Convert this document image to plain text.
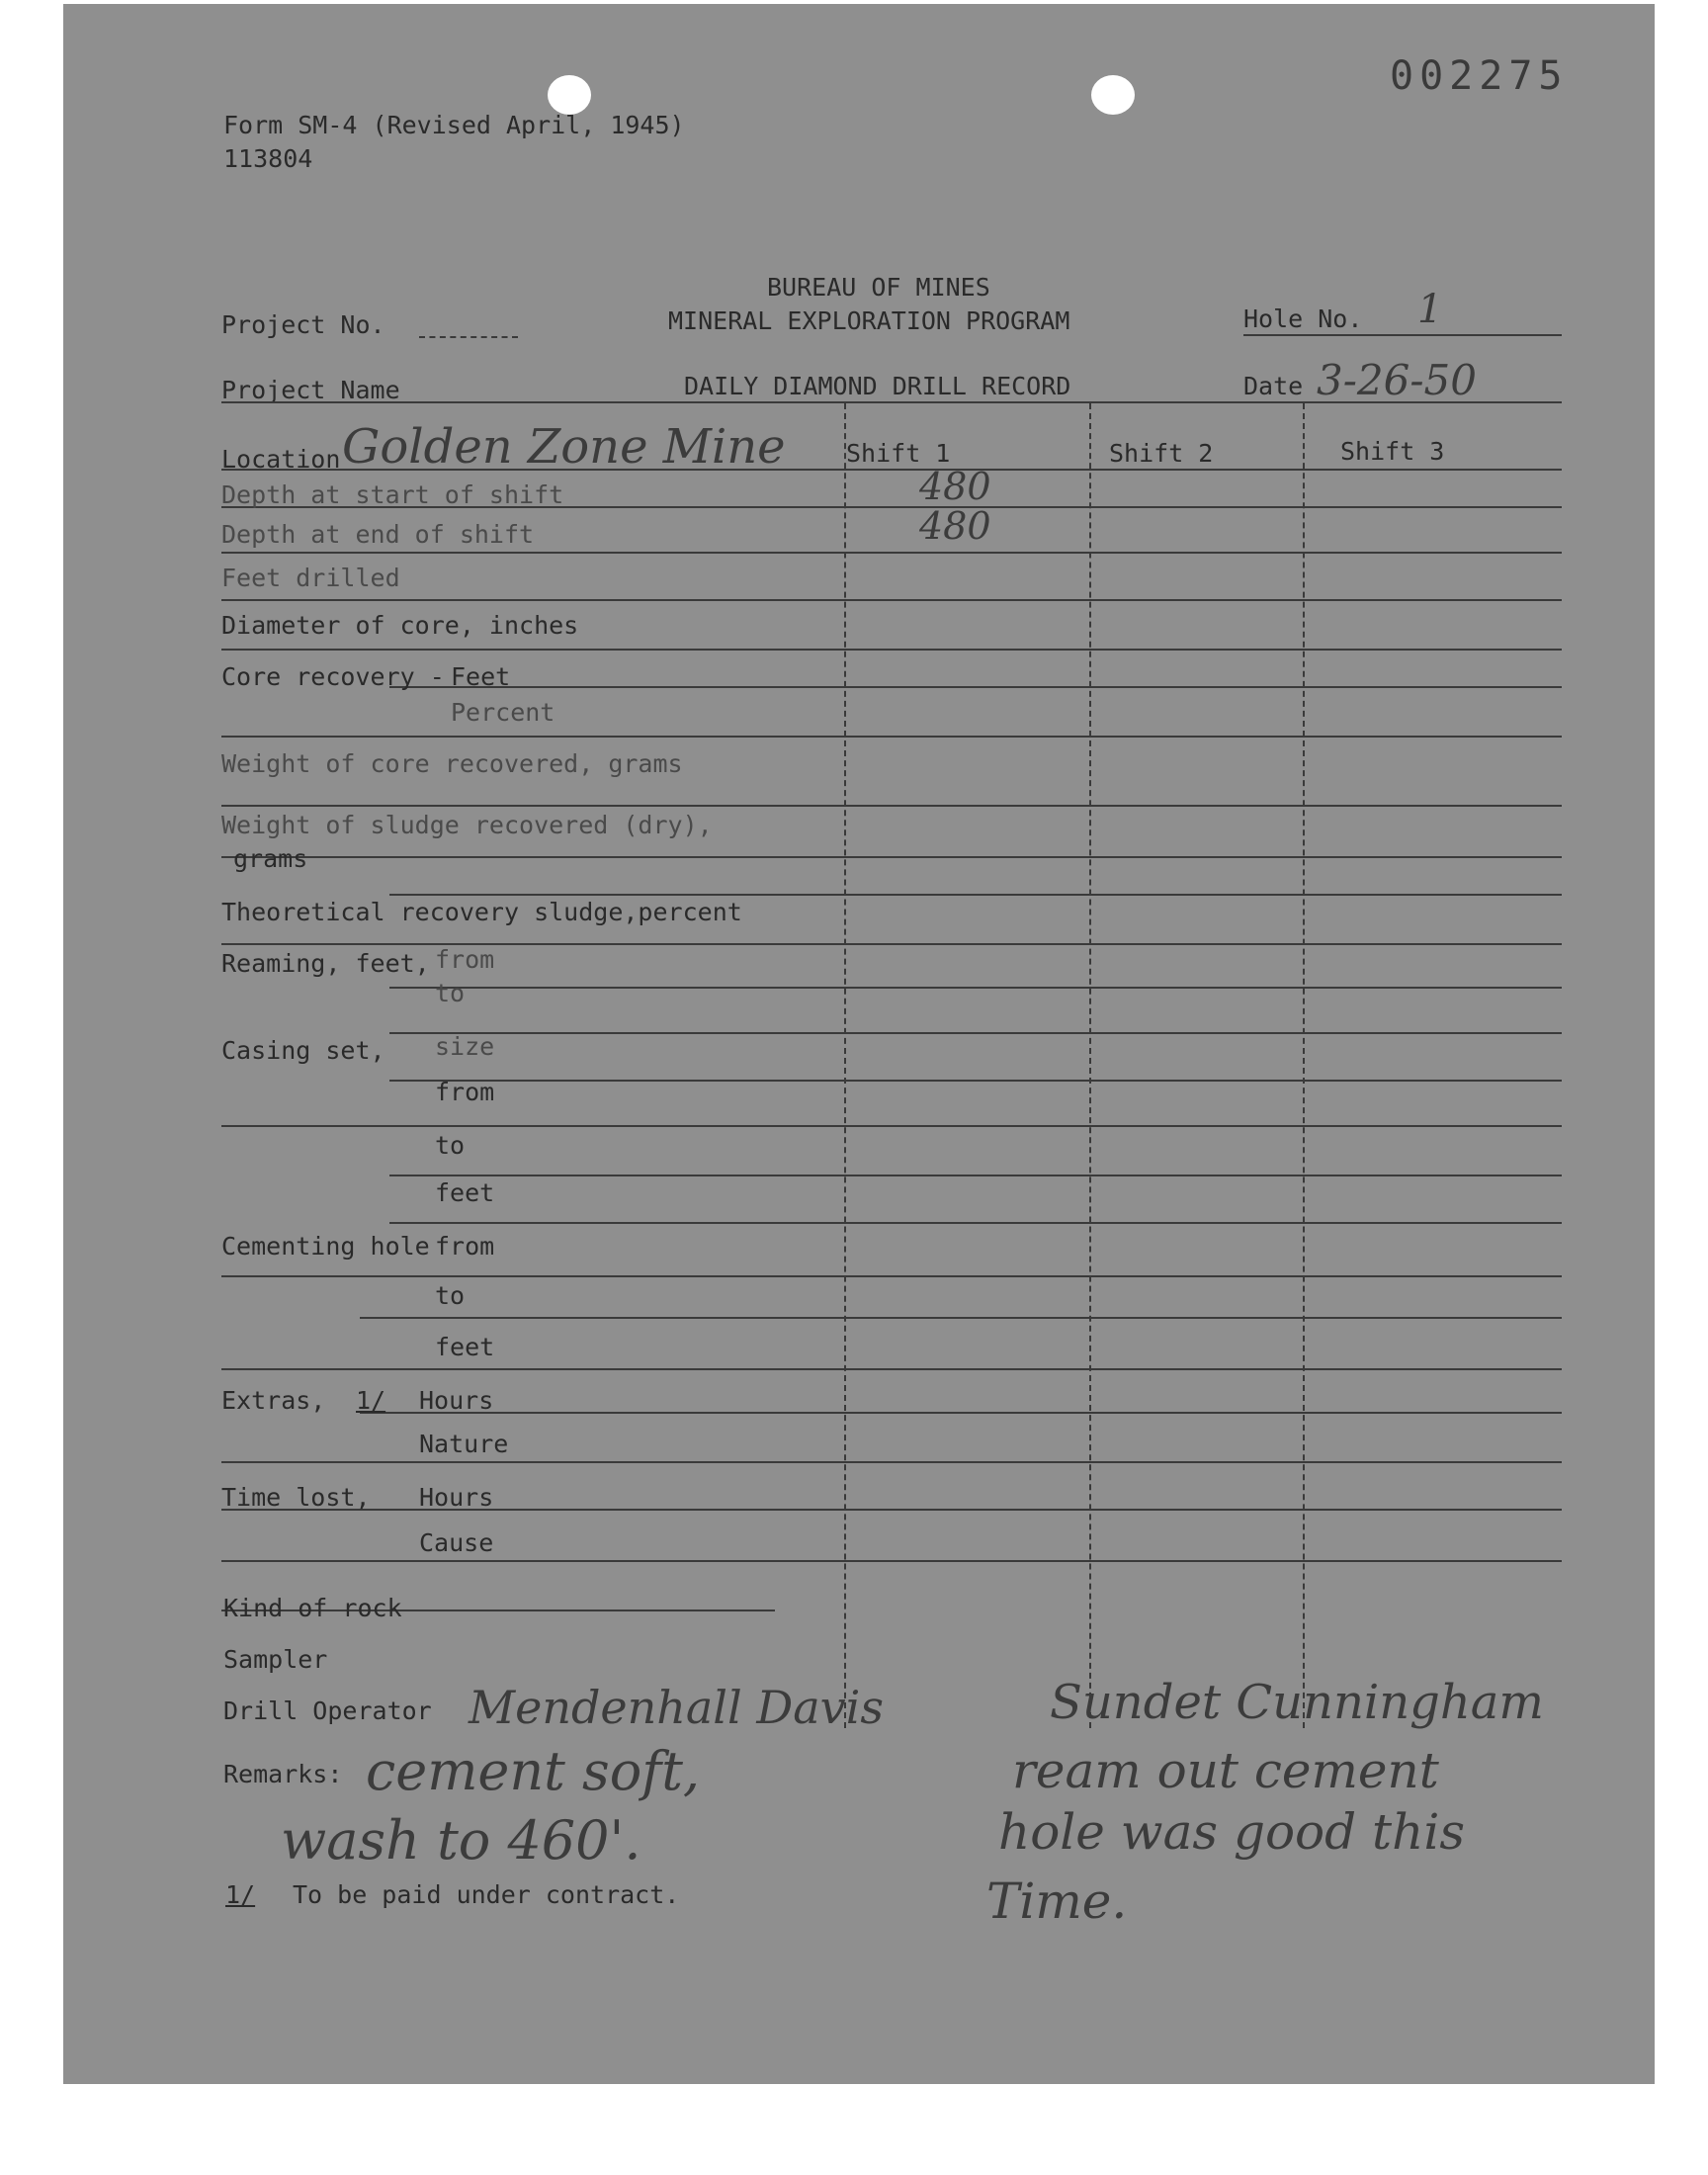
002275
Form SM-4 (Revised April, 1945)
113804
BUREAU OF MINES
MINERAL EXPLORATION PROGRAM
DAILY DIAMOND DRILL RECORD
Project No.	Hole No. 1
Project Name	Date 3-26-50
Location Golden Zone Mine Shift 1	Shift 2	Shift 3
Depth at start of shift	480
Depth at end of shift	480
Feet drilled
Diameter of core, inches
Core recovery - Feet
Percent
Weight of core recovered, grams
Weight of sludge recovered (dry),
grams
Theoretical recovery sludge,percent
Reaming, feet, from
to
Casing set, size
from
to
feet
Cementing hole from
to
feet
Extras, 1/ Hours
Nature
Time lost, Hours
Cause
Kind of rock
Sampler
Drill Operator Mendenhall Davis	Sundet Cunningham
Remarks: cement soft,
wash to 460'.
ream out cement
hole was good this
Time.
1/ To be paid under contract.
